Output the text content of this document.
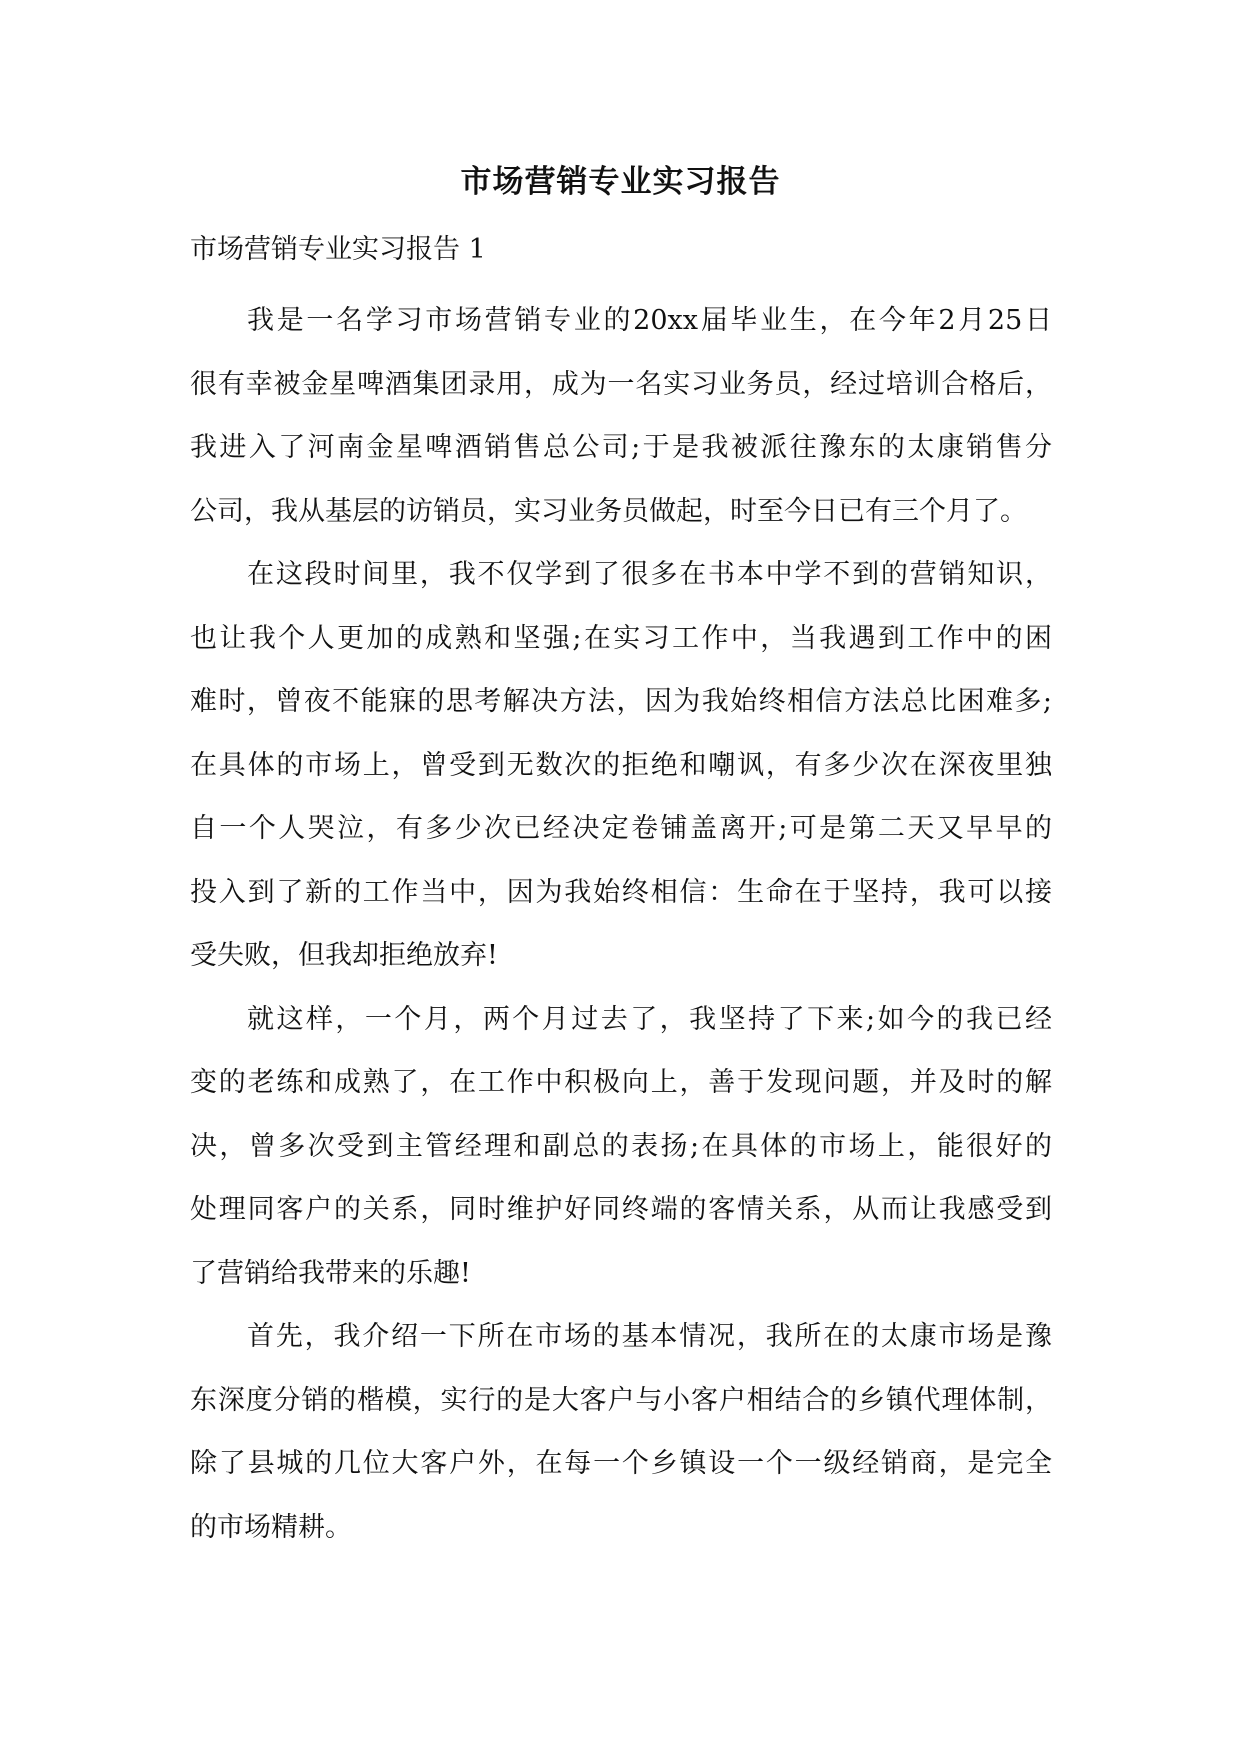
市场营销专业实习报告
市场营销专业实习报告 1

我是一名学习市场营销专业的20xx届毕业生，在今年2月25日
很有幸被金星啤酒集团录用，成为一名实习业务员，经过培训合格后，
我进入了河南金星啤酒销售总公司;于是我被派往豫东的太康销售分
公司，我从基层的访销员，实习业务员做起，时至今日已有三个月了。

在这段时间里，我不仅学到了很多在书本中学不到的营销知识，
也让我个人更加的成熟和坚强;在实习工作中，当我遇到工作中的困
难时，曾夜不能寐的思考解决方法，因为我始终相信方法总比困难多;
在具体的市场上，曾受到无数次的拒绝和嘲讽，有多少次在深夜里独
自一个人哭泣，有多少次已经决定卷铺盖离开;可是第二天又早早的
投入到了新的工作当中，因为我始终相信：生命在于坚持，我可以接
受失败，但我却拒绝放弃!

就这样，一个月，两个月过去了，我坚持了下来;如今的我已经
变的老练和成熟了，在工作中积极向上，善于发现问题，并及时的解
决，曾多次受到主管经理和副总的表扬;在具体的市场上，能很好的
处理同客户的关系，同时维护好同终端的客情关系，从而让我感受到
了营销给我带来的乐趣!

首先，我介绍一下所在市场的基本情况，我所在的太康市场是豫
东深度分销的楷模，实行的是大客户与小客户相结合的乡镇代理体制，
除了县城的几位大客户外，在每一个乡镇设一个一级经销商，是完全
的市场精耕。
